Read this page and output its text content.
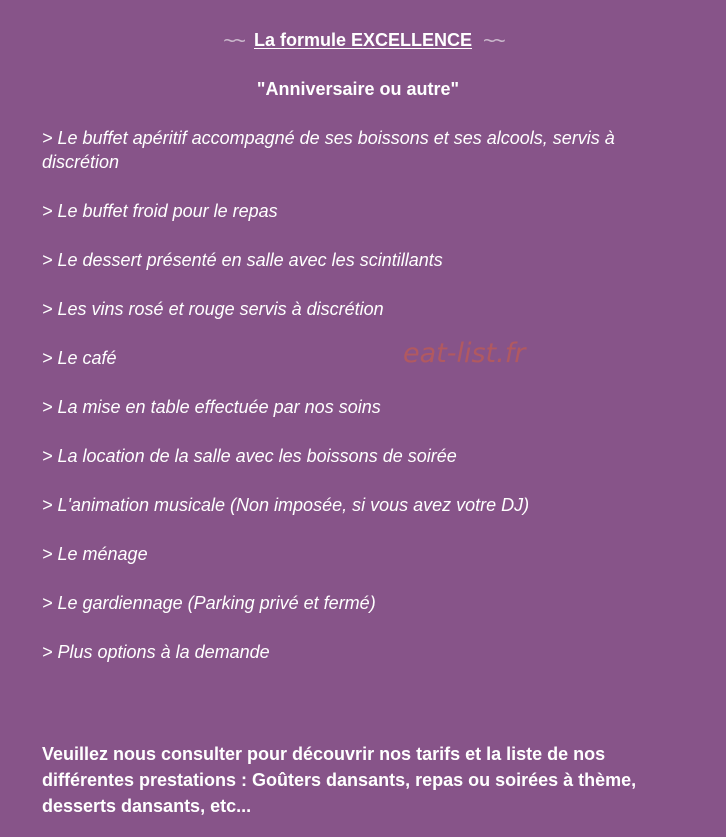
~~ La formule EXCELLENCE ~~
"Anniversaire ou autre"
> Le buffet apéritif accompagné de ses boissons et ses alcools, servis à discrétion
> Le buffet froid pour le repas
> Le dessert présenté en salle avec les scintillants
> Les vins rosé et rouge servis à discrétion
> Le café
> La mise en table effectuée par nos soins
> La location de la salle avec les boissons de soirée
> L'animation musicale (Non imposée, si vous avez votre DJ)
> Le ménage
> Le gardiennage (Parking privé et fermé)
> Plus options à la demande
eat-list.fr

Veuillez nous consulter pour découvrir nos tarifs et la liste de nos différentes prestations : Goûters dansants, repas ou soirées à thème, desserts dansants, etc...
